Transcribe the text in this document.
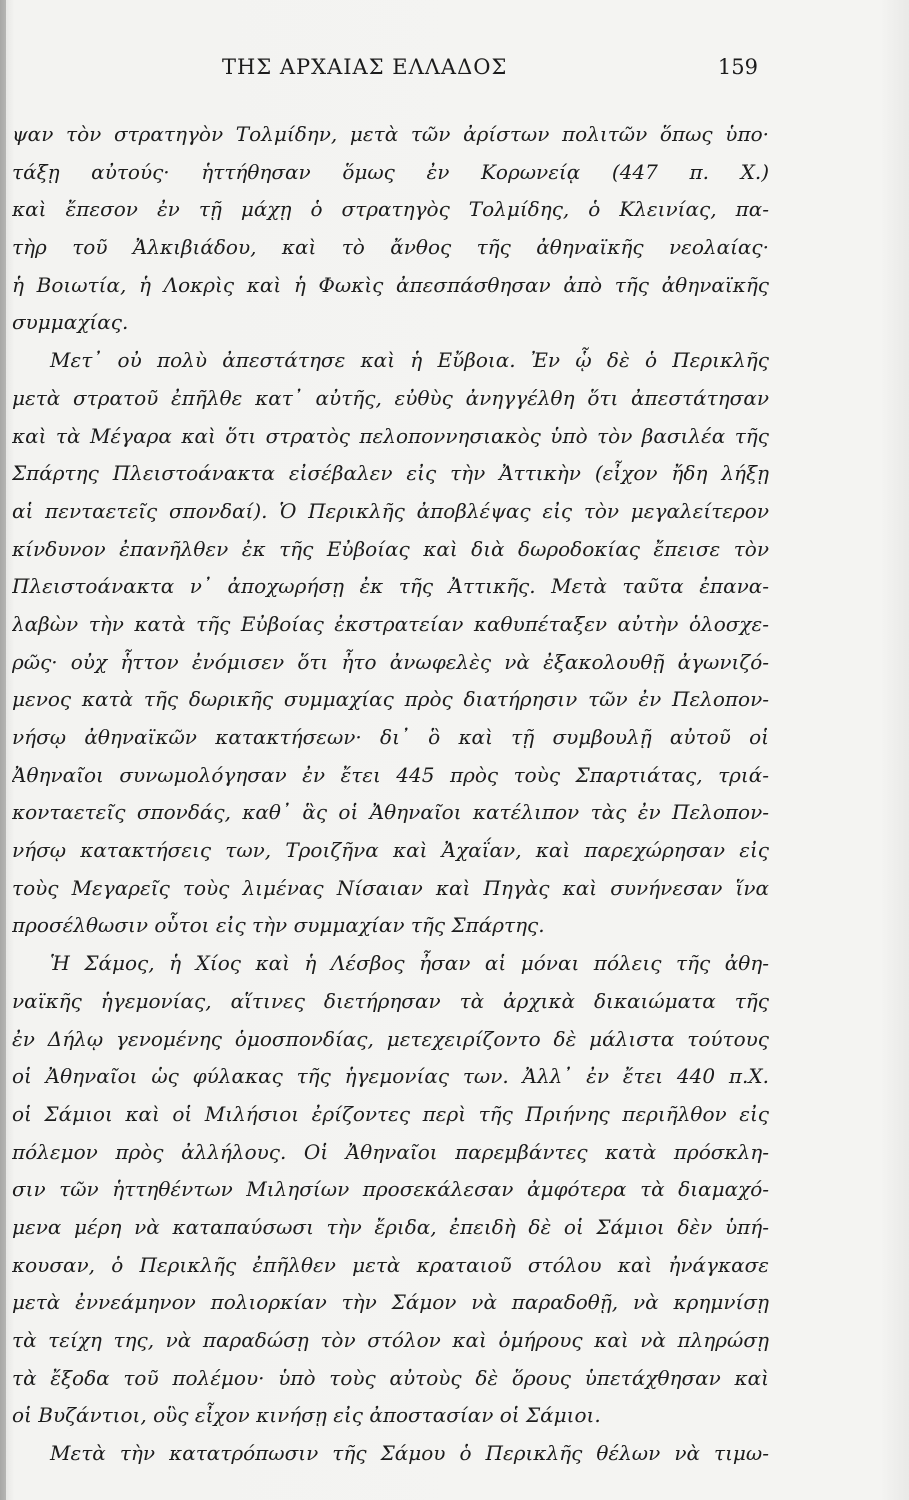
ΤΗΣ ΑΡΧΑΙΑΣ ΕΛΛΑΔΟΣ	159
ψαν τὸν στρατηγὸν Τολμίδην, μετὰ τῶν ἀρίστων πολιτῶν ὅπως ὑπο·
τάξῃ αὐτούς· ἡττήθησαν ὅμως ἐν Κορωνείᾳ (447 π. Χ.)
καὶ ἔπεσον ἐν τῇ μάχῃ ὁ στρατηγὸς Τολμίδης, ὁ Κλεινίας, πα-
τὴρ τοῦ Ἀλκιβιάδου, καὶ τὸ ἄνθος τῆς ἀθηναϊκῆς νεολαίας·
ἡ Βοιωτία, ἡ Λοκρὶς καὶ ἡ Φωκὶς ἀπεσπάσθησαν ἀπὸ τῆς ἀθηναϊκῆς
συμμαχίας.
Μετ᾽ οὐ πολὺ ἀπεστάτησε καὶ ἡ Εὔβοια. Ἐν ᾧ δὲ ὁ Περικλῆς
μετὰ στρατοῦ ἐπῆλθε κατ᾽ αὐτῆς, εὐθὺς ἀνηγγέλθη ὅτι ἀπεστάτησαν
καὶ τὰ Μέγαρα καὶ ὅτι στρατὸς πελοποννησιακὸς ὑπὸ τὸν βασιλέα τῆς
Σπάρτης Πλειστοάνακτα εἰσέβαλεν εἰς τὴν Ἀττικὴν (εἶχον ἤδη λήξῃ
αἱ πενταετεῖς σπονδαί). Ὁ Περικλῆς ἀποβλέψας εἰς τὸν μεγαλείτερον
κίνδυνον ἐπανῆλθεν ἐκ τῆς Εὐβοίας καὶ διὰ δωροδοκίας ἔπεισε τὸν
Πλειστοάνακτα ν᾽ ἀποχωρήσῃ ἐκ τῆς Ἀττικῆς. Μετὰ ταῦτα ἐπανα-
λαβὼν τὴν κατὰ τῆς Εὐβοίας ἐκστρατείαν καθυπέταξεν αὐτὴν ὁλοσχε-
ρῶς· οὐχ ἧττον ἐνόμισεν ὅτι ἦτο ἀνωφελὲς νὰ ἐξακολουθῇ ἀγωνιζό-
μενος κατὰ τῆς δωρικῆς συμμαχίας πρὸς διατήρησιν τῶν ἐν Πελοπον-
νήσῳ ἀθηναϊκῶν κατακτήσεων· δι᾽ ὃ καὶ τῇ συμβουλῇ αὐτοῦ οἱ
Ἀθηναῖοι συνωμολόγησαν ἐν ἔτει 445 πρὸς τοὺς Σπαρτιάτας, τριά-
κονταετεῖς σπονδάς, καθ᾽ ἃς οἱ Ἀθηναῖοι κατέλιπον τὰς ἐν Πελοπον-
νήσῳ κατακτήσεις των, Τροιζῆνα καὶ Ἀχαΐαν, καὶ παρεχώρησαν εἰς
τοὺς Μεγαρεῖς τοὺς λιμένας Νίσαιαν καὶ Πηγὰς καὶ συνήνεσαν ἵνα
προσέλθωσιν οὗτοι εἰς τὴν συμμαχίαν τῆς Σπάρτης.
Ἡ Σάμος, ἡ Χίος καὶ ἡ Λέσβος ἦσαν αἱ μόναι πόλεις τῆς ἀθη-
ναϊκῆς ἡγεμονίας, αἵτινες διετήρησαν τὰ ἀρχικὰ δικαιώματα τῆς
ἐν Δήλῳ γενομένης ὁμοσπονδίας, μετεχειρίζοντο δὲ μάλιστα τούτους
οἱ Ἀθηναῖοι ὡς φύλακας τῆς ἡγεμονίας των. Ἀλλ᾽ ἐν ἔτει 440 π.Χ.
οἱ Σάμιοι καὶ οἱ Μιλήσιοι ἐρίζοντες περὶ τῆς Πριήνης περιῆλθον εἰς
πόλεμον πρὸς ἀλλήλους. Οἱ Ἀθηναῖοι παρεμβάντες κατὰ πρόσκλη-
σιν τῶν ἡττηθέντων Μιλησίων προσεκάλεσαν ἀμφότερα τὰ διαμαχό-
μενα μέρη νὰ καταπαύσωσι τὴν ἔριδα, ἐπειδὴ δὲ οἱ Σάμιοι δὲν ὑπή-
κουσαν, ὁ Περικλῆς ἐπῆλθεν μετὰ κραταιοῦ στόλου καὶ ἠνάγκασε
μετὰ ἐννεάμηνον πολιορκίαν τὴν Σάμον νὰ παραδοθῇ, νὰ κρημνίσῃ
τὰ τείχη της, νὰ παραδώσῃ τὸν στόλον καὶ ὁμήρους καὶ νὰ πληρώσῃ
τὰ ἔξοδα τοῦ πολέμου· ὑπὸ τοὺς αὐτοὺς δὲ ὅρους ὑπετάχθησαν καὶ
οἱ Βυζάντιοι, οὓς εἶχον κινήσῃ εἰς ἀποστασίαν οἱ Σάμιοι.
Μετὰ τὴν κατατρόπωσιν τῆς Σάμου ὁ Περικλῆς θέλων νὰ τιμω-
